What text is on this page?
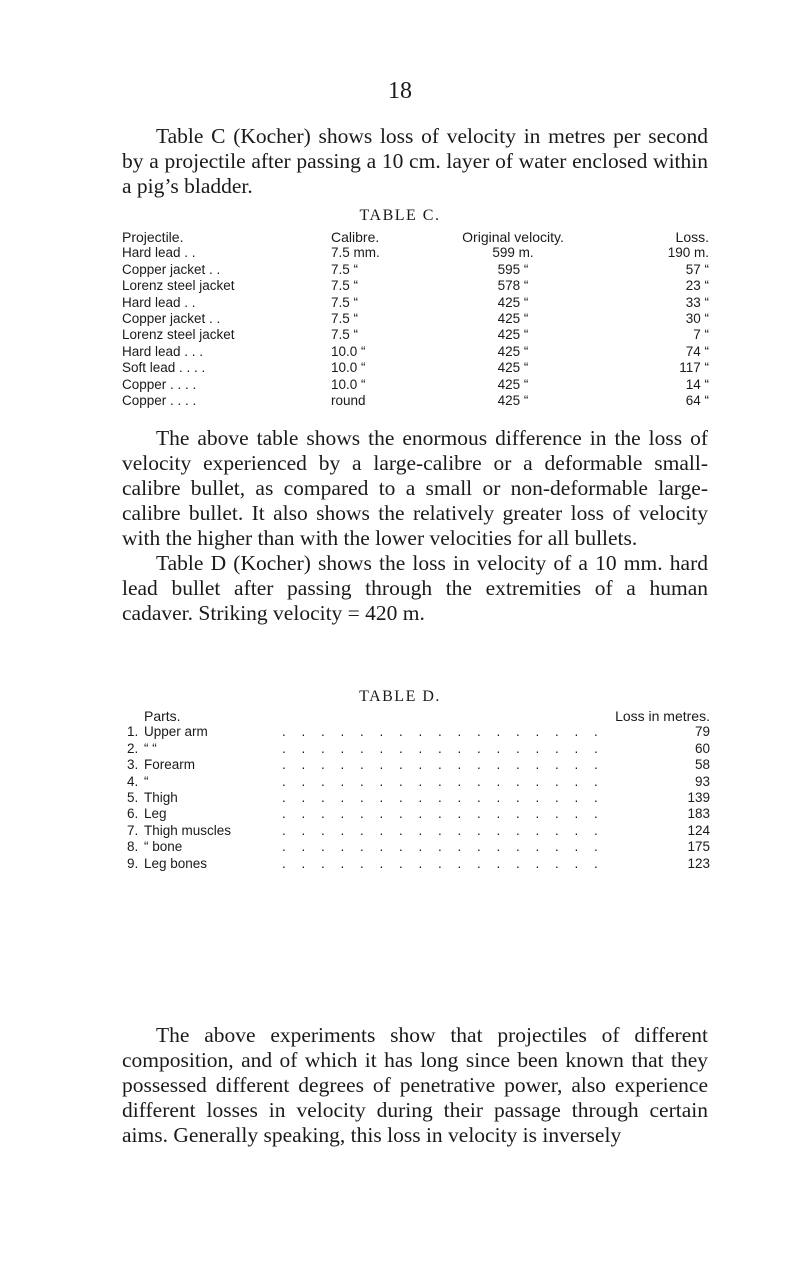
18

Table C (Kocher) shows loss of velocity in metres per second by a projectile after passing a 10 cm. layer of water enclosed within a pig’s bladder.

TABLE C.
Projectile.	Calibre.	Original velocity.	Loss.
Hard lead . .	7.5 mm.	599 m.	190 m.
Copper jacket . .	7.5 “	595 “	57 “
Lorenz steel jacket	7.5 “	578 “	23 “
Hard lead . .	7.5 “	425 “	33 “
Copper jacket . .	7.5 “	425 “	30 “
Lorenz steel jacket	7.5 “	425 “	7 “
Hard lead . . .	10.0 “	425 “	74 “
Soft lead . . . .	10.0 “	425 “	117 “
Copper . . . .	10.0 “	425 “	14 “
Copper . . . .	round	425 “	64 “

The above table shows the enormous difference in the loss of velocity experienced by a large-calibre or a deformable small-calibre bullet, as compared to a small or non-deformable large-calibre bullet. It also shows the relatively greater loss of velocity with the higher than with the lower velocities for all bullets.

Table D (Kocher) shows the loss in velocity of a 10 mm. hard lead bullet after passing through the extremities of a human cadaver. Striking velocity = 420 m.

TABLE D.
Parts.	Loss in metres.
1. Upper arm	79
. . . . . . . . . . . . . . . . .
2. “ “	60
. . . . . . . . . . . . . . . . .
3. Forearm	58
. . . . . . . . . . . . . . . . .
4. “	93
. . . . . . . . . . . . . . . . .
5. Thigh	139
. . . . . . . . . . . . . . . . .
6. Leg	183
. . . . . . . . . . . . . . . . .
7. Thigh muscles	124
. . . . . . . . . . . . . . . . .
8. “ bone	175
. . . . . . . . . . . . . . . . .
9. Leg bones	123
. . . . . . . . . . . . . . . . .

The above experiments show that projectiles of different composition, and of which it has long since been known that they possessed different degrees of penetrative power, also experience different losses in velocity during their passage through certain aims. Generally speaking, this loss in velocity is inversely
